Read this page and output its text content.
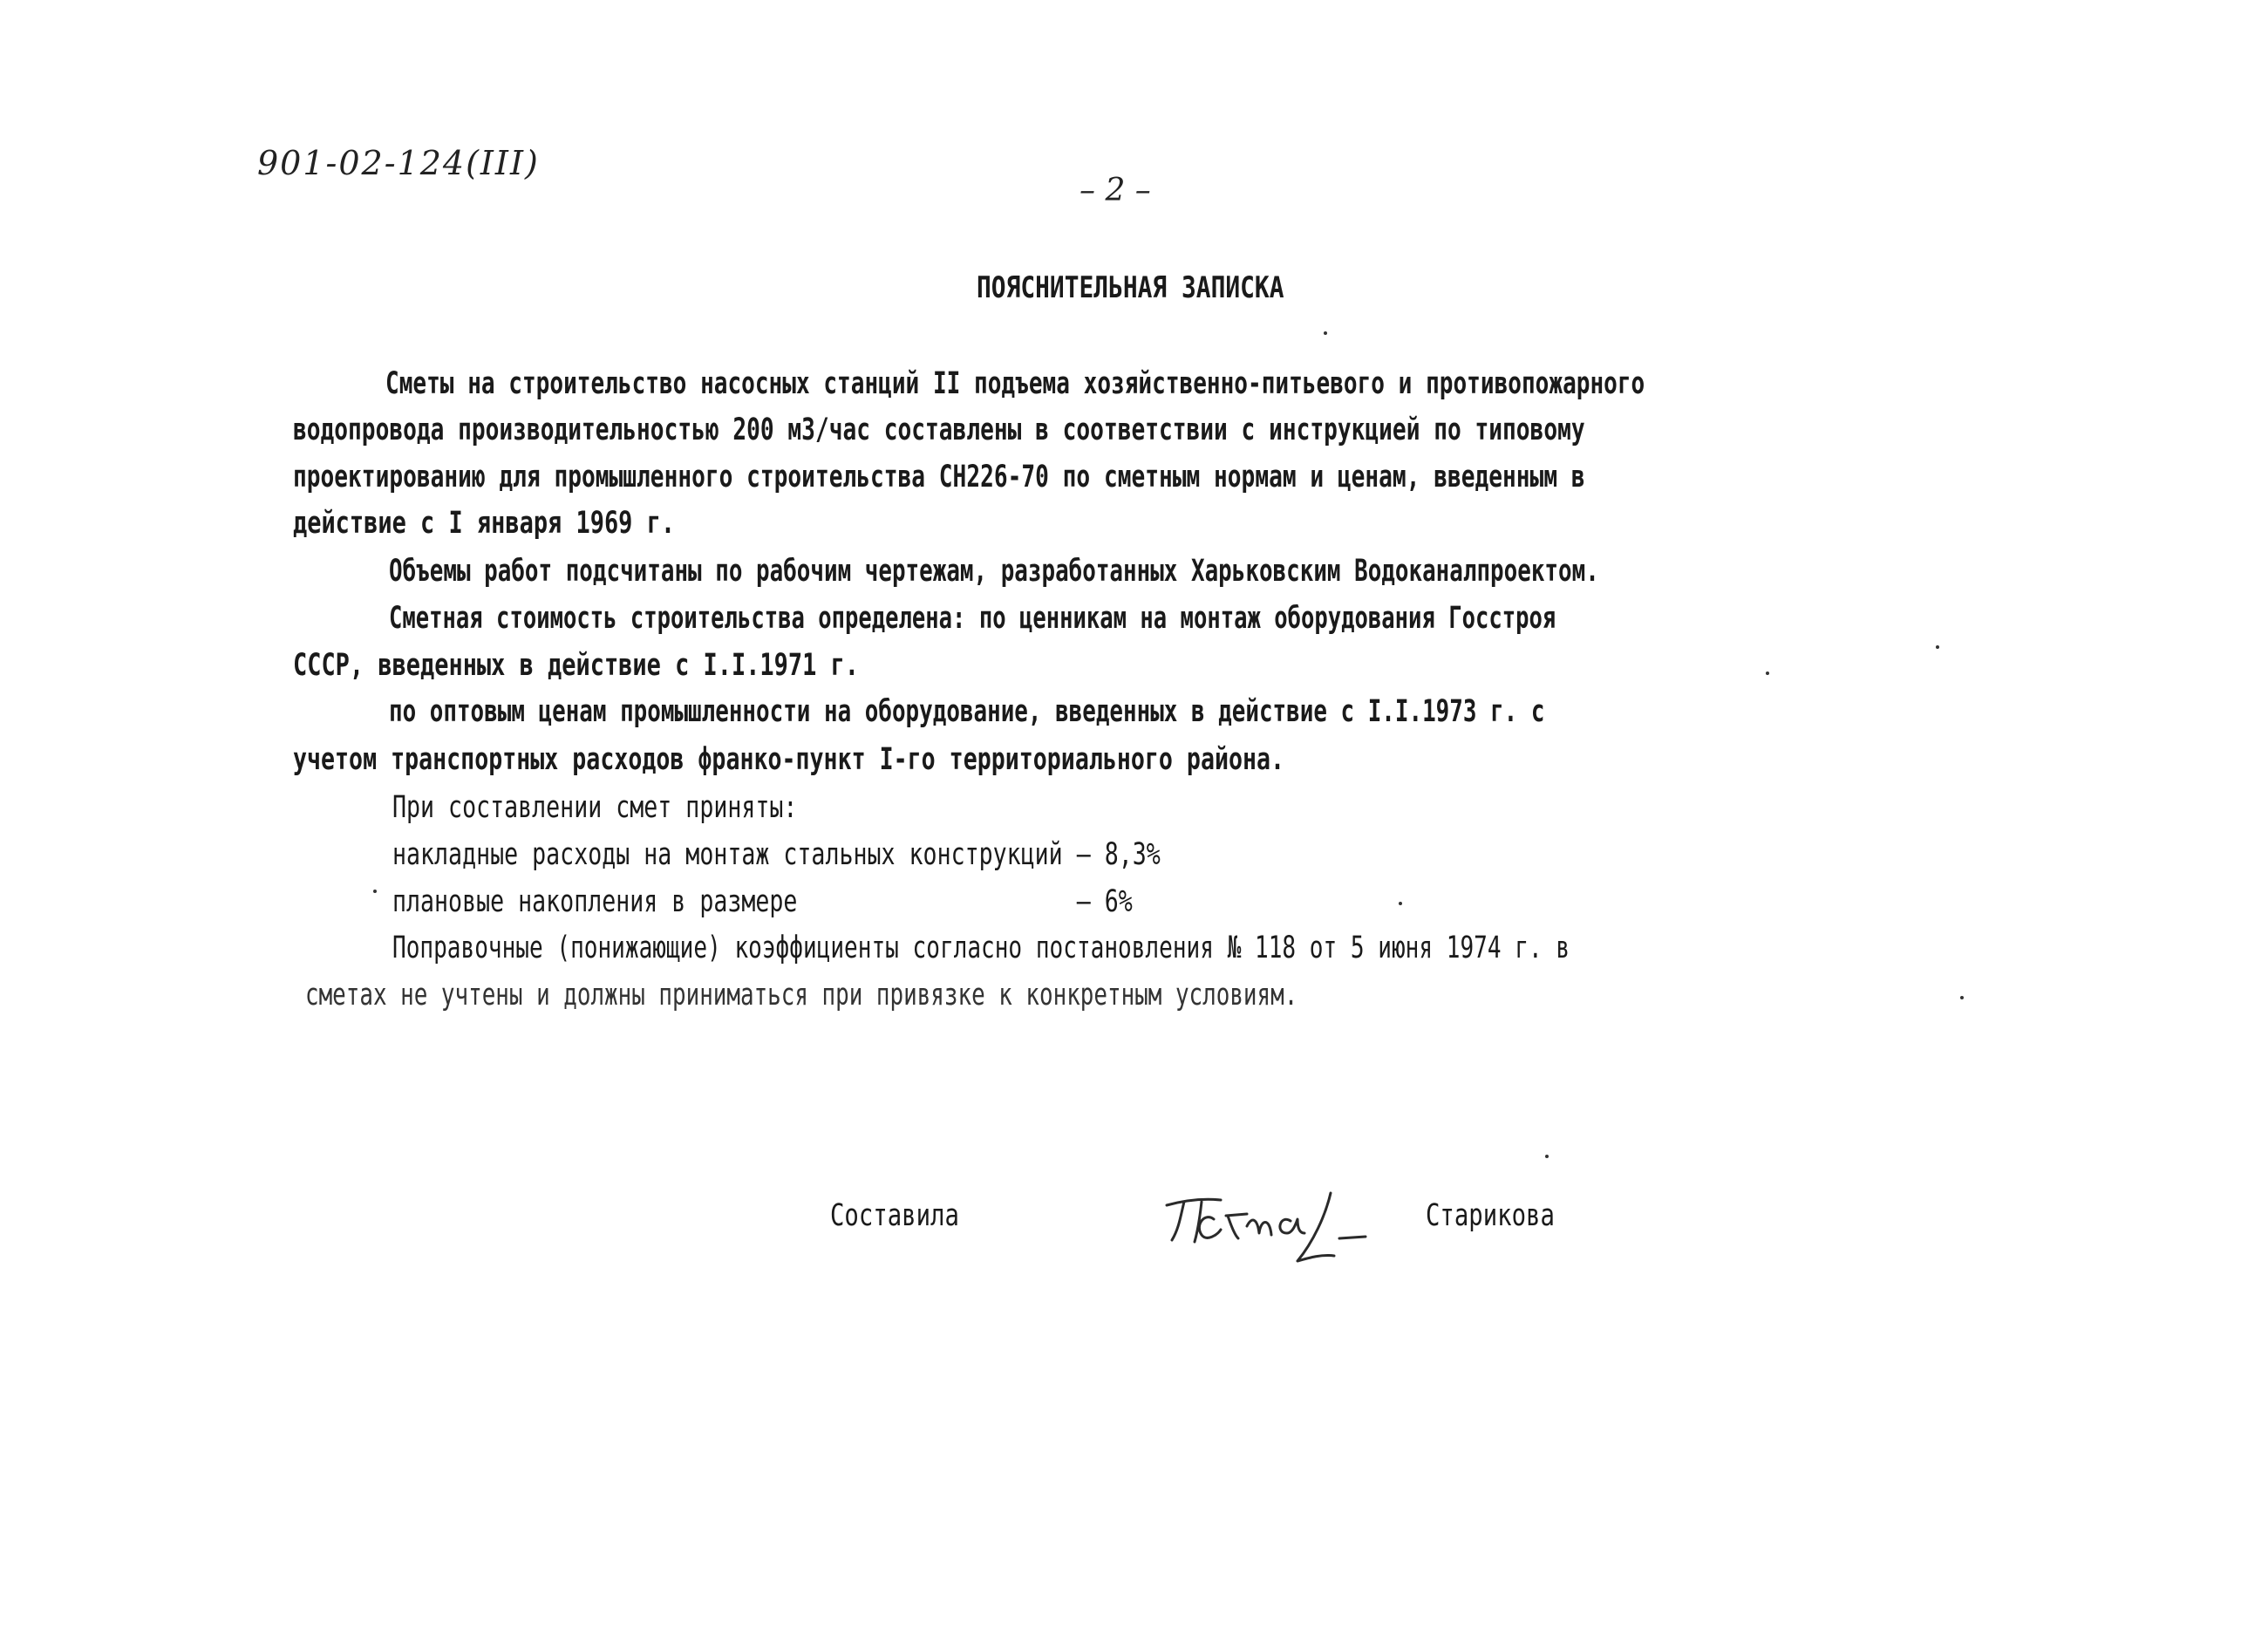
901-02-124(III)
– 2 –
ПОЯСНИТЕЛЬНАЯ ЗАПИСКА
Сметы на строительство насосных станций II подъема хозяйственно-питьевого и противопожарного
водопровода производительностью 200 м3/час составлены в соответствии с инструкцией по типовому
проектированию для промышленного строительства СН226-70 по сметным нормам и ценам, введенным в
действие с I января 1969 г.
Объемы работ подсчитаны по рабочим чертежам, разработанных Харьковским Водоканалпроектом.
Сметная стоимость строительства определена: по ценникам на монтаж оборудования Госстроя
СССР, введенных в действие с I.I.1971 г.
по оптовым ценам промышленности на оборудование, введенных в действие с I.I.1973 г. с
учетом транспортных расходов франко-пункт I-го территориального района.
При составлении смет приняты:
накладные расходы на монтаж стальных конструкций – 8,3%
плановые накопления в размере                    – 6%
Поправочные (понижающие) коэффициенты согласно постановления № 118 от 5 июня 1974 г. в
сметах не учтены и должны приниматься при привязке к конкретным условиям.
Составила	Старикова
